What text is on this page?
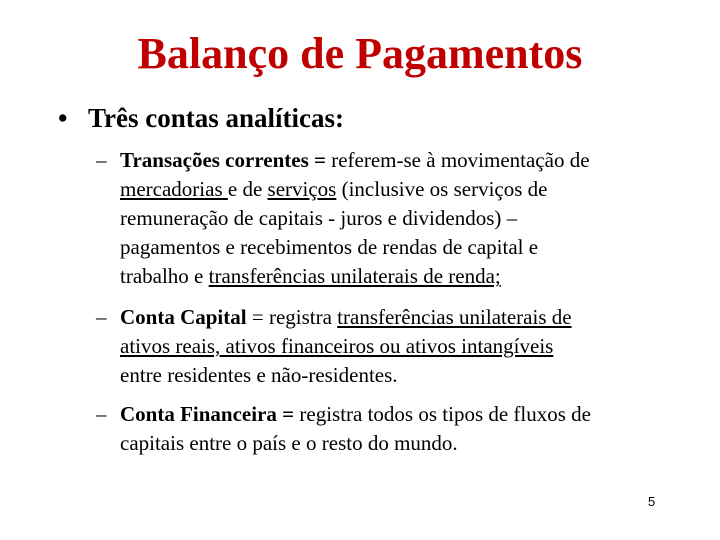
Balanço de Pagamentos
• Três contas analíticas:
– Transações correntes = referem-se à movimentação de
mercadorias e de serviços (inclusive os serviços de
remuneração de capitais - juros e dividendos) –
pagamentos e recebimentos de rendas de capital e
trabalho e transferências unilaterais de renda;
– Conta Capital = registra transferências unilaterais de
ativos reais, ativos financeiros ou ativos intangíveis
entre residentes e não-residentes.
– Conta Financeira = registra todos os tipos de fluxos de
capitais entre o país e o resto do mundo.
5
